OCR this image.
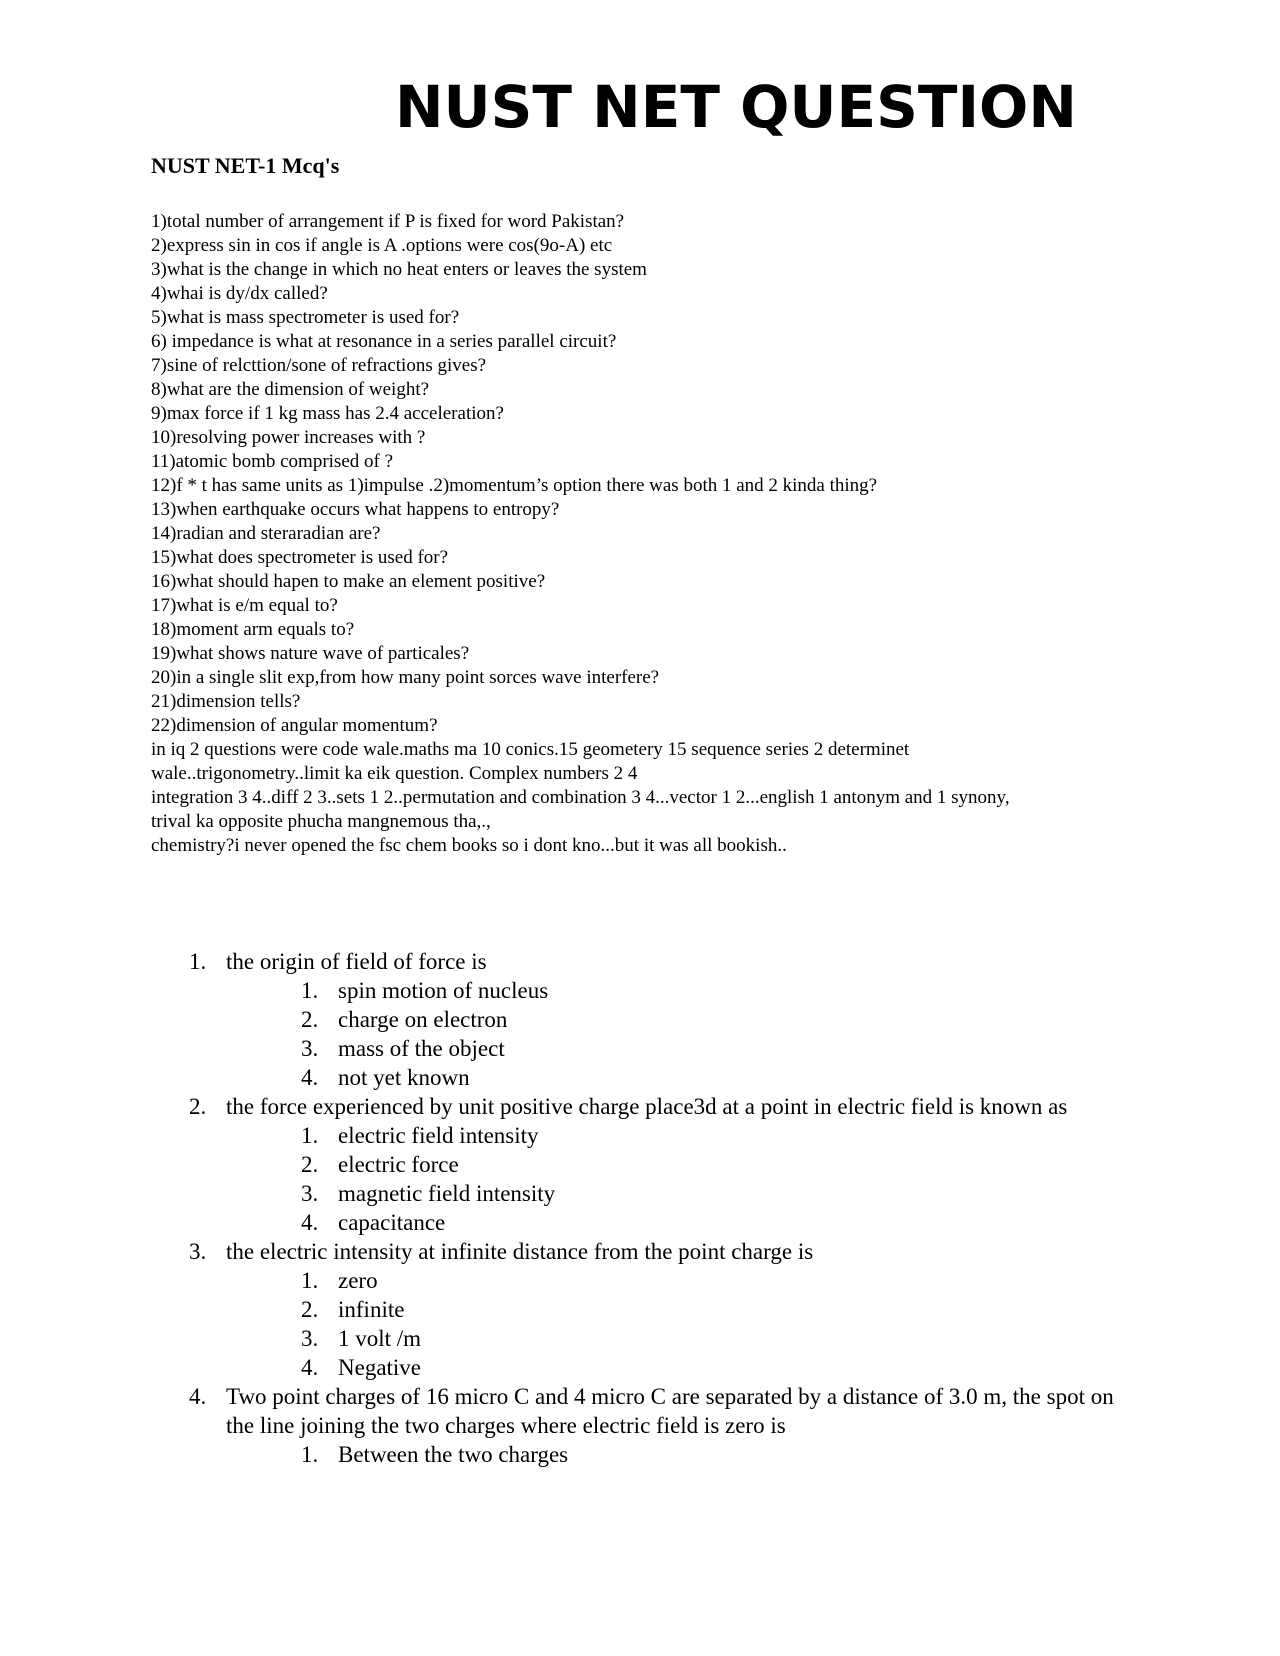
NUST NET QUESTION
NUST NET-1 Mcq's
1)total number of arrangement if P is fixed for word Pakistan?
2)express sin in cos if angle is A .options were cos(9o-A) etc
3)what is the change in which no heat enters or leaves the system
4)whai is dy/dx called?
5)what is mass spectrometer is used for?
6) impedance is what at resonance in a series parallel circuit?
7)sine of relcttion/sone of refractions gives?
8)what are the dimension of weight?
9)max force if 1 kg mass has 2.4 acceleration?
10)resolving power increases with ?
11)atomic bomb comprised of ?
12)f * t has same units as 1)impulse .2)momentum’s option there was both 1 and 2 kinda thing?
13)when earthquake occurs what happens to entropy?
14)radian and steraradian are?
15)what does spectrometer is used for?
16)what should hapen to make an element positive?
17)what is e/m equal to?
18)moment arm equals to?
19)what shows nature wave of particales?
20)in a single slit exp,from how many point sorces wave interfere?
21)dimension tells?
22)dimension of angular momentum?
in iq 2 questions were code wale.maths ma 10 conics.15 geometery 15 sequence series 2 determinet
wale..trigonometry..limit ka eik question. Complex numbers 2 4
integration 3 4..diff 2 3..sets 1 2..permutation and combination 3 4...vector 1 2...english 1 antonym and 1 synony,
trival ka opposite phucha mangnemous tha,.,
chemistry?i never opened the fsc chem books so i dont kno...but it was all bookish..
1. the origin of field of force is
1. spin motion of nucleus
2. charge on electron
3. mass of the object
4. not yet known
2. the force experienced by unit positive charge place3d at a point in electric field is known as
1. electric field intensity
2. electric force
3. magnetic field intensity
4. capacitance
3. the electric intensity at infinite distance from the point charge is
1. zero
2. infinite
3. 1 volt /m
4. Negative
4. Two point charges of 16 micro C and 4 micro C are separated by a distance of 3.0 m, the spot on the line joining the two charges where electric field is zero is
1. Between the two charges
